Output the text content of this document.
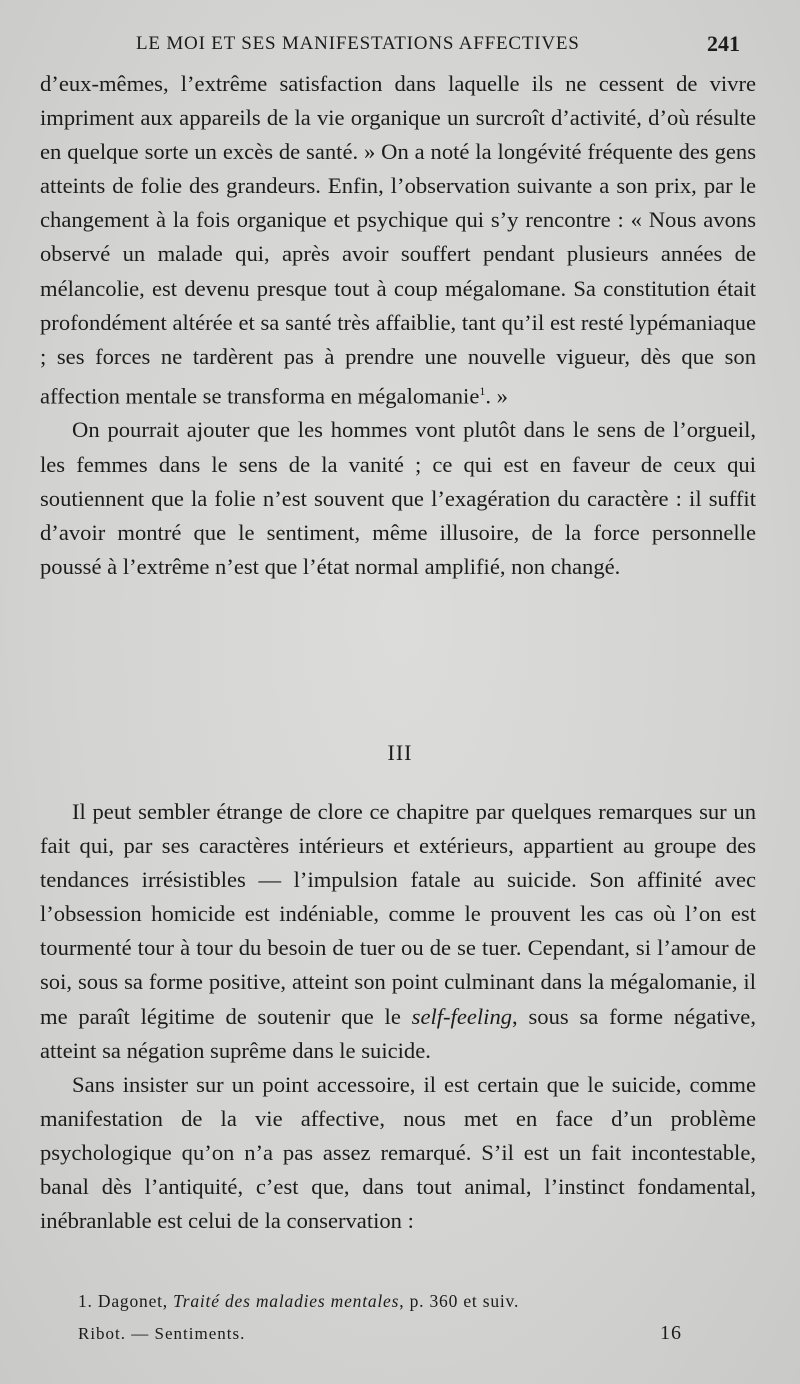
LE MOI ET SES MANIFESTATIONS AFFECTIVES	241

d’eux-mêmes, l’extrême satisfaction dans laquelle ils ne cessent de vivre impriment aux appareils de la vie organique un surcroît d’activité, d’où résulte en quelque sorte un excès de santé. » On a noté la longévité fréquente des gens atteints de folie des grandeurs. Enfin, l’observation suivante a son prix, par le changement à la fois organique et psychique qui s’y rencontre : « Nous avons observé un malade qui, après avoir souffert pendant plusieurs années de mélancolie, est devenu presque tout à coup mégalomane. Sa constitution était profondément altérée et sa santé très affaiblie, tant qu’il est resté lypémaniaque ; ses forces ne tardèrent pas à prendre une nouvelle vigueur, dès que son affection mentale se transforma en mégalomanie$^1$. »

On pourrait ajouter que les hommes vont plutôt dans le sens de l’orgueil, les femmes dans le sens de la vanité ; ce qui est en faveur de ceux qui soutiennent que la folie n’est souvent que l’exagération du caractère : il suffit d’avoir montré que le sentiment, même illusoire, de la force personnelle poussé à l’extrême n’est que l’état normal amplifié, non changé.

III

Il peut sembler étrange de clore ce chapitre par quelques remarques sur un fait qui, par ses caractères intérieurs et extérieurs, appartient au groupe des tendances irrésistibles — l’impulsion fatale au suicide. Son affinité avec l’obsession homicide est indéniable, comme le prouvent les cas où l’on est tourmenté tour à tour du besoin de tuer ou de se tuer. Cependant, si l’amour de soi, sous sa forme positive, atteint son point culminant dans la mégalomanie, il me paraît légitime de soutenir que le self-feeling, sous sa forme négative, atteint sa négation suprême dans le suicide.

Sans insister sur un point accessoire, il est certain que le suicide, comme manifestation de la vie affective, nous met en face d’un problème psychologique qu’on n’a pas assez remarqué. S’il est un fait incontestable, banal dès l’antiquité, c’est que, dans tout animal, l’instinct fondamental, inébranlable est celui de la conservation :

1. Dagonet, Traité des maladies mentales, p. 360 et suiv.
Ribot. — Sentiments.	16
